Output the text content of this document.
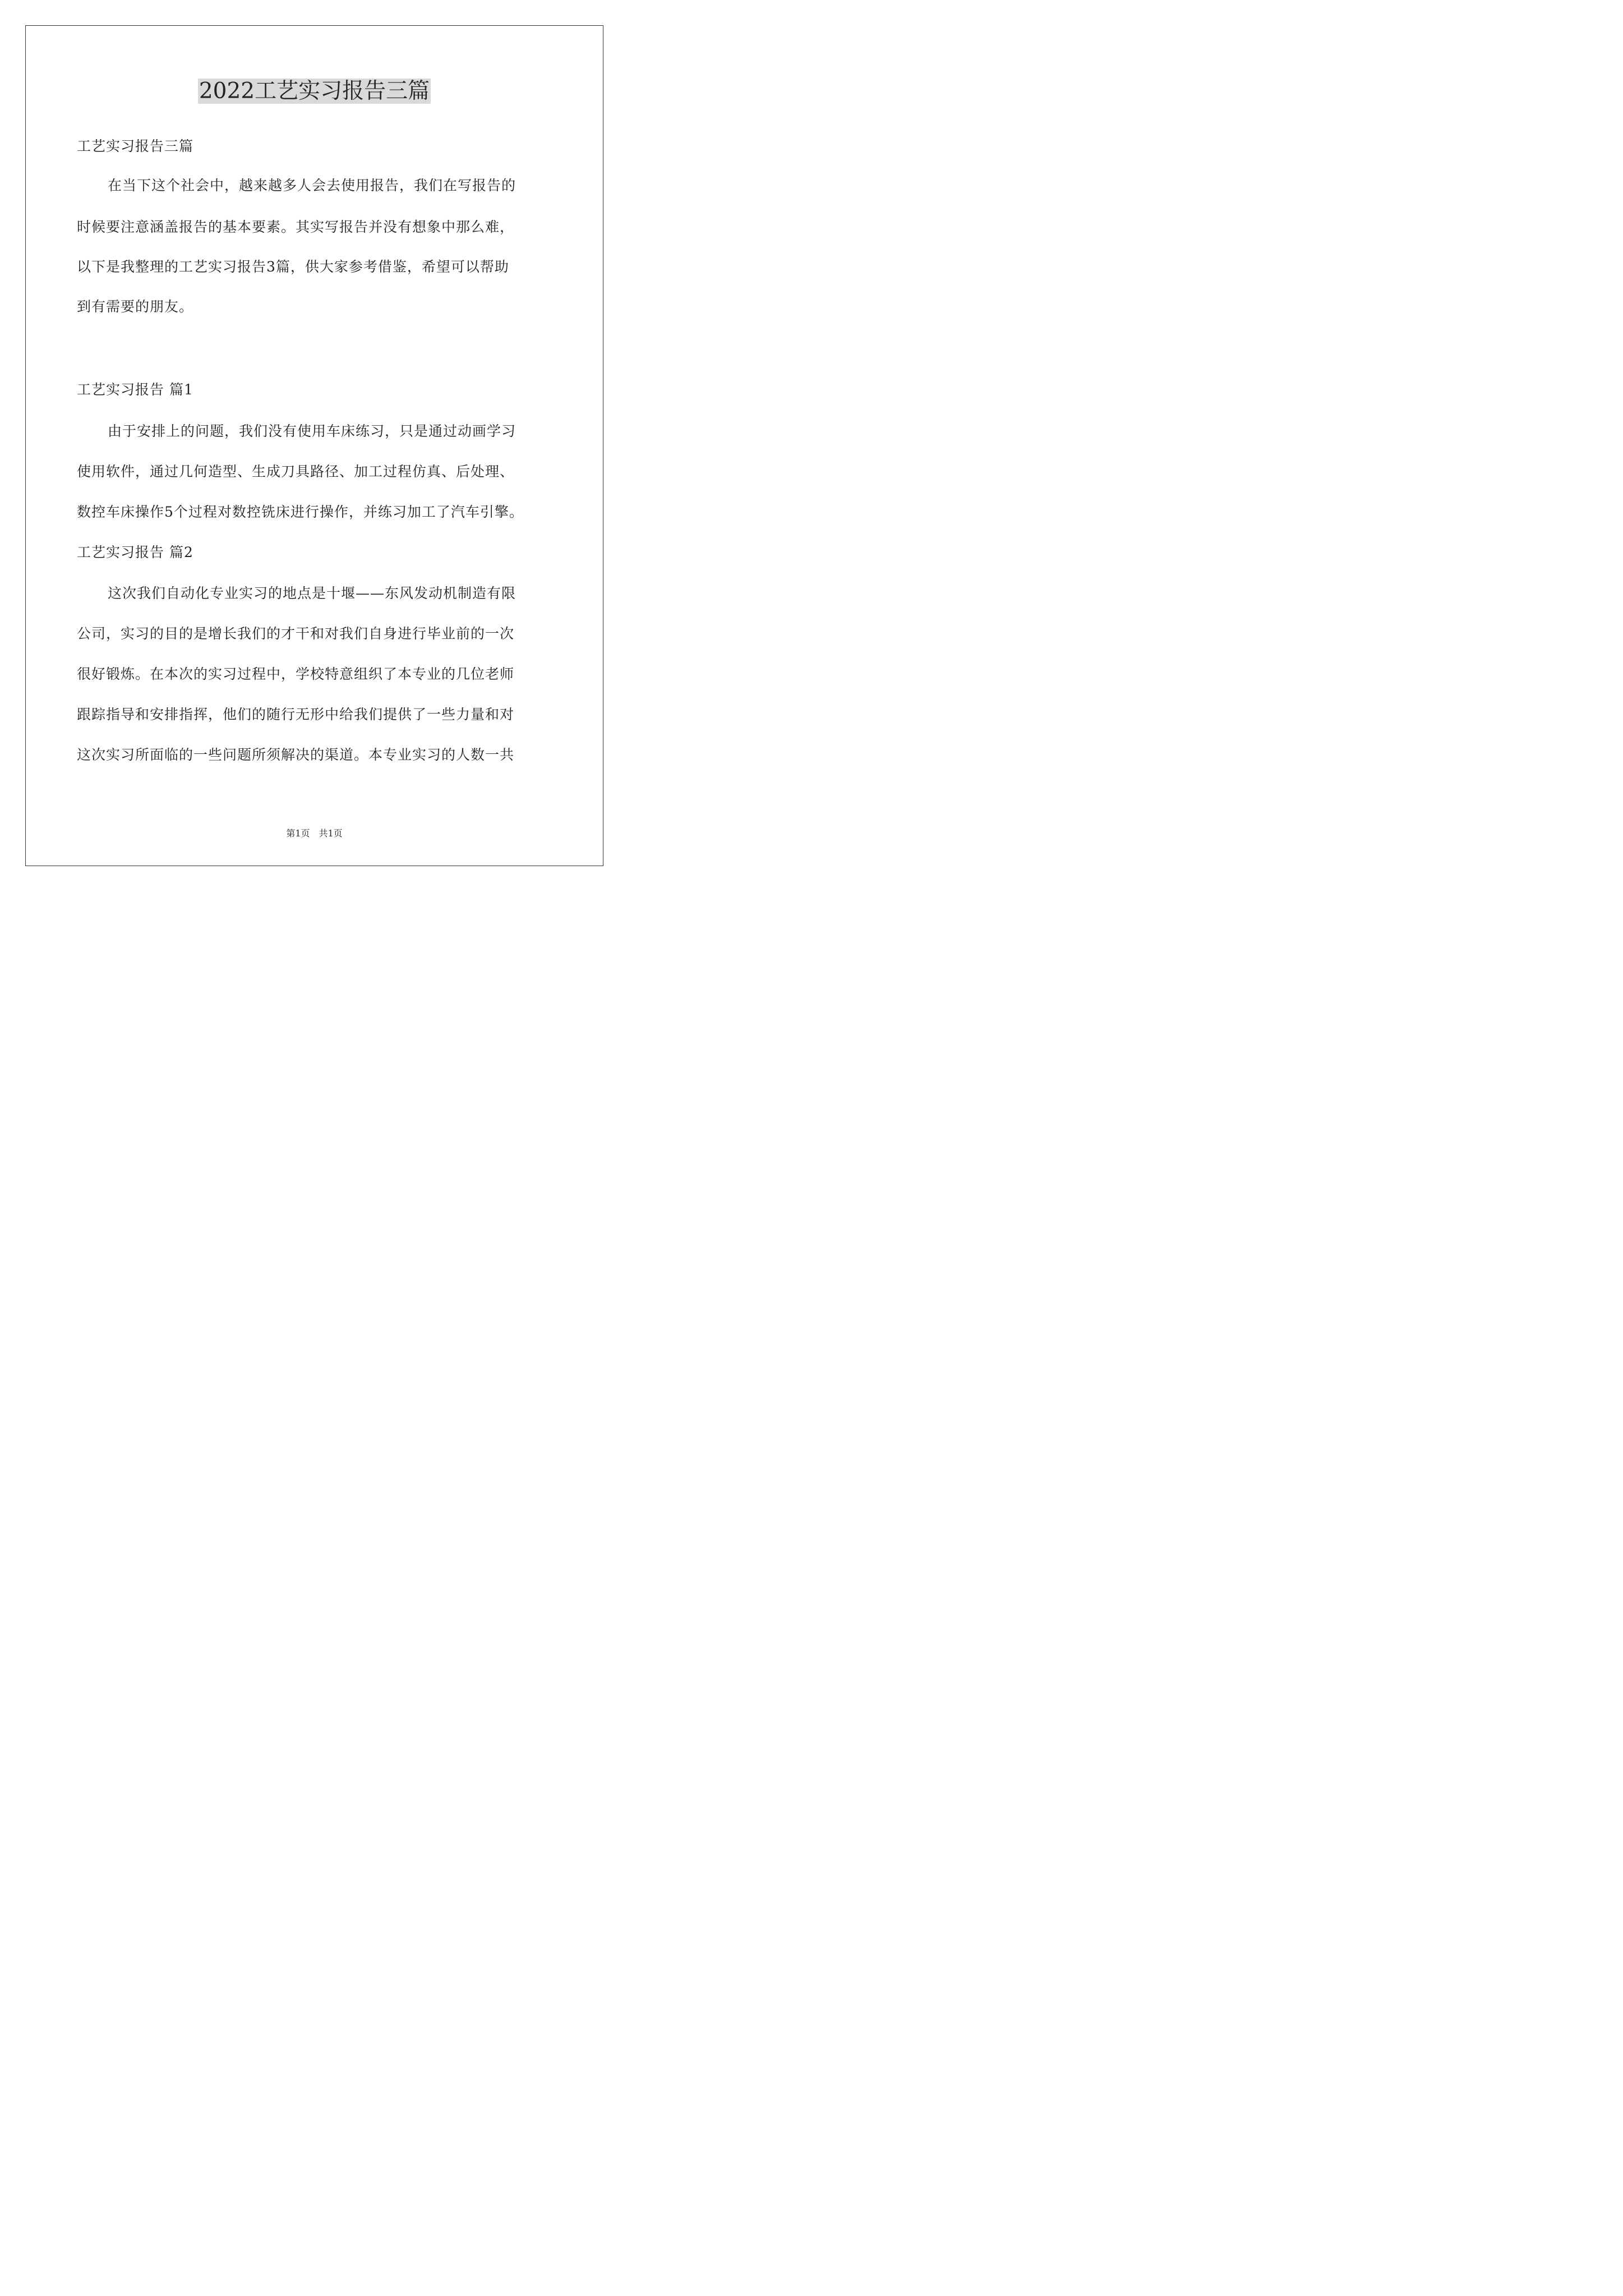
2022工艺实习报告三篇

工艺实习报告三篇

在当下这个社会中，越来越多人会去使用报告，我们在写报告的

时候要注意涵盖报告的基本要素。其实写报告并没有想象中那么难，

以下是我整理的工艺实习报告3篇，供大家参考借鉴，希望可以帮助

到有需要的朋友。

工艺实习报告 篇1

由于安排上的问题，我们没有使用车床练习，只是通过动画学习

使用软件，通过几何造型、生成刀具路径、加工过程仿真、后处理、

数控车床操作5个过程对数控铣床进行操作，并练习加工了汽车引擎。

工艺实习报告 篇2

这次我们自动化专业实习的地点是十堰——东风发动机制造有限

公司，实习的目的是增长我们的才干和对我们自身进行毕业前的一次

很好锻炼。在本次的实习过程中，学校特意组织了本专业的几位老师

跟踪指导和安排指挥，他们的随行无形中给我们提供了一些力量和对

这次实习所面临的一些问题所须解决的渠道。本专业实习的人数一共

第1页　共1页
